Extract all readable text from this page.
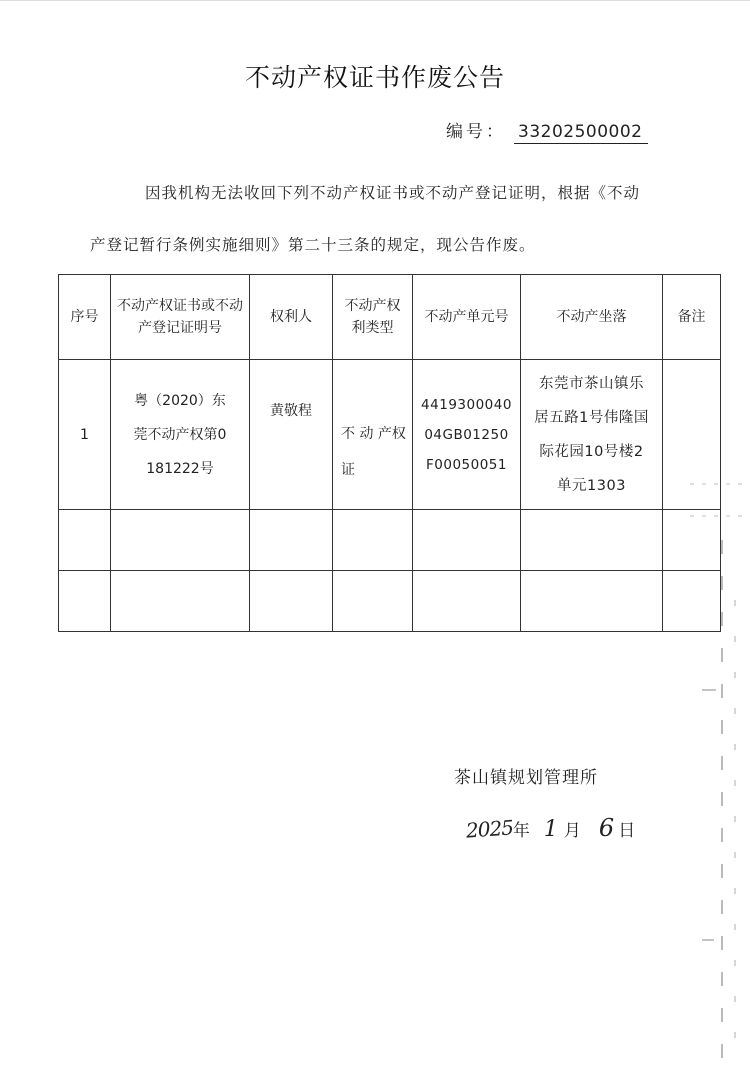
不动产权证书作废公告
编号： 33202500002
因我机构无法收回下列不动产权证书或不动产登记证明，根据《不动
产登记暂行条例实施细则》第二十三条的规定，现公告作废。
序号	不动产权证书或不动产登记证明号	权利人	不动产权利类型	不动产单元号	不动产坐落	备注
1	粤（2020）东莞不动产权第0181222号	黄敬程	不 动 产权证	441930004004GB01250F00050051	东莞市茶山镇乐居五路1号伟隆国际花园10号楼2单元1303	

茶山镇规划管理所
2025年 1 月 6 日
